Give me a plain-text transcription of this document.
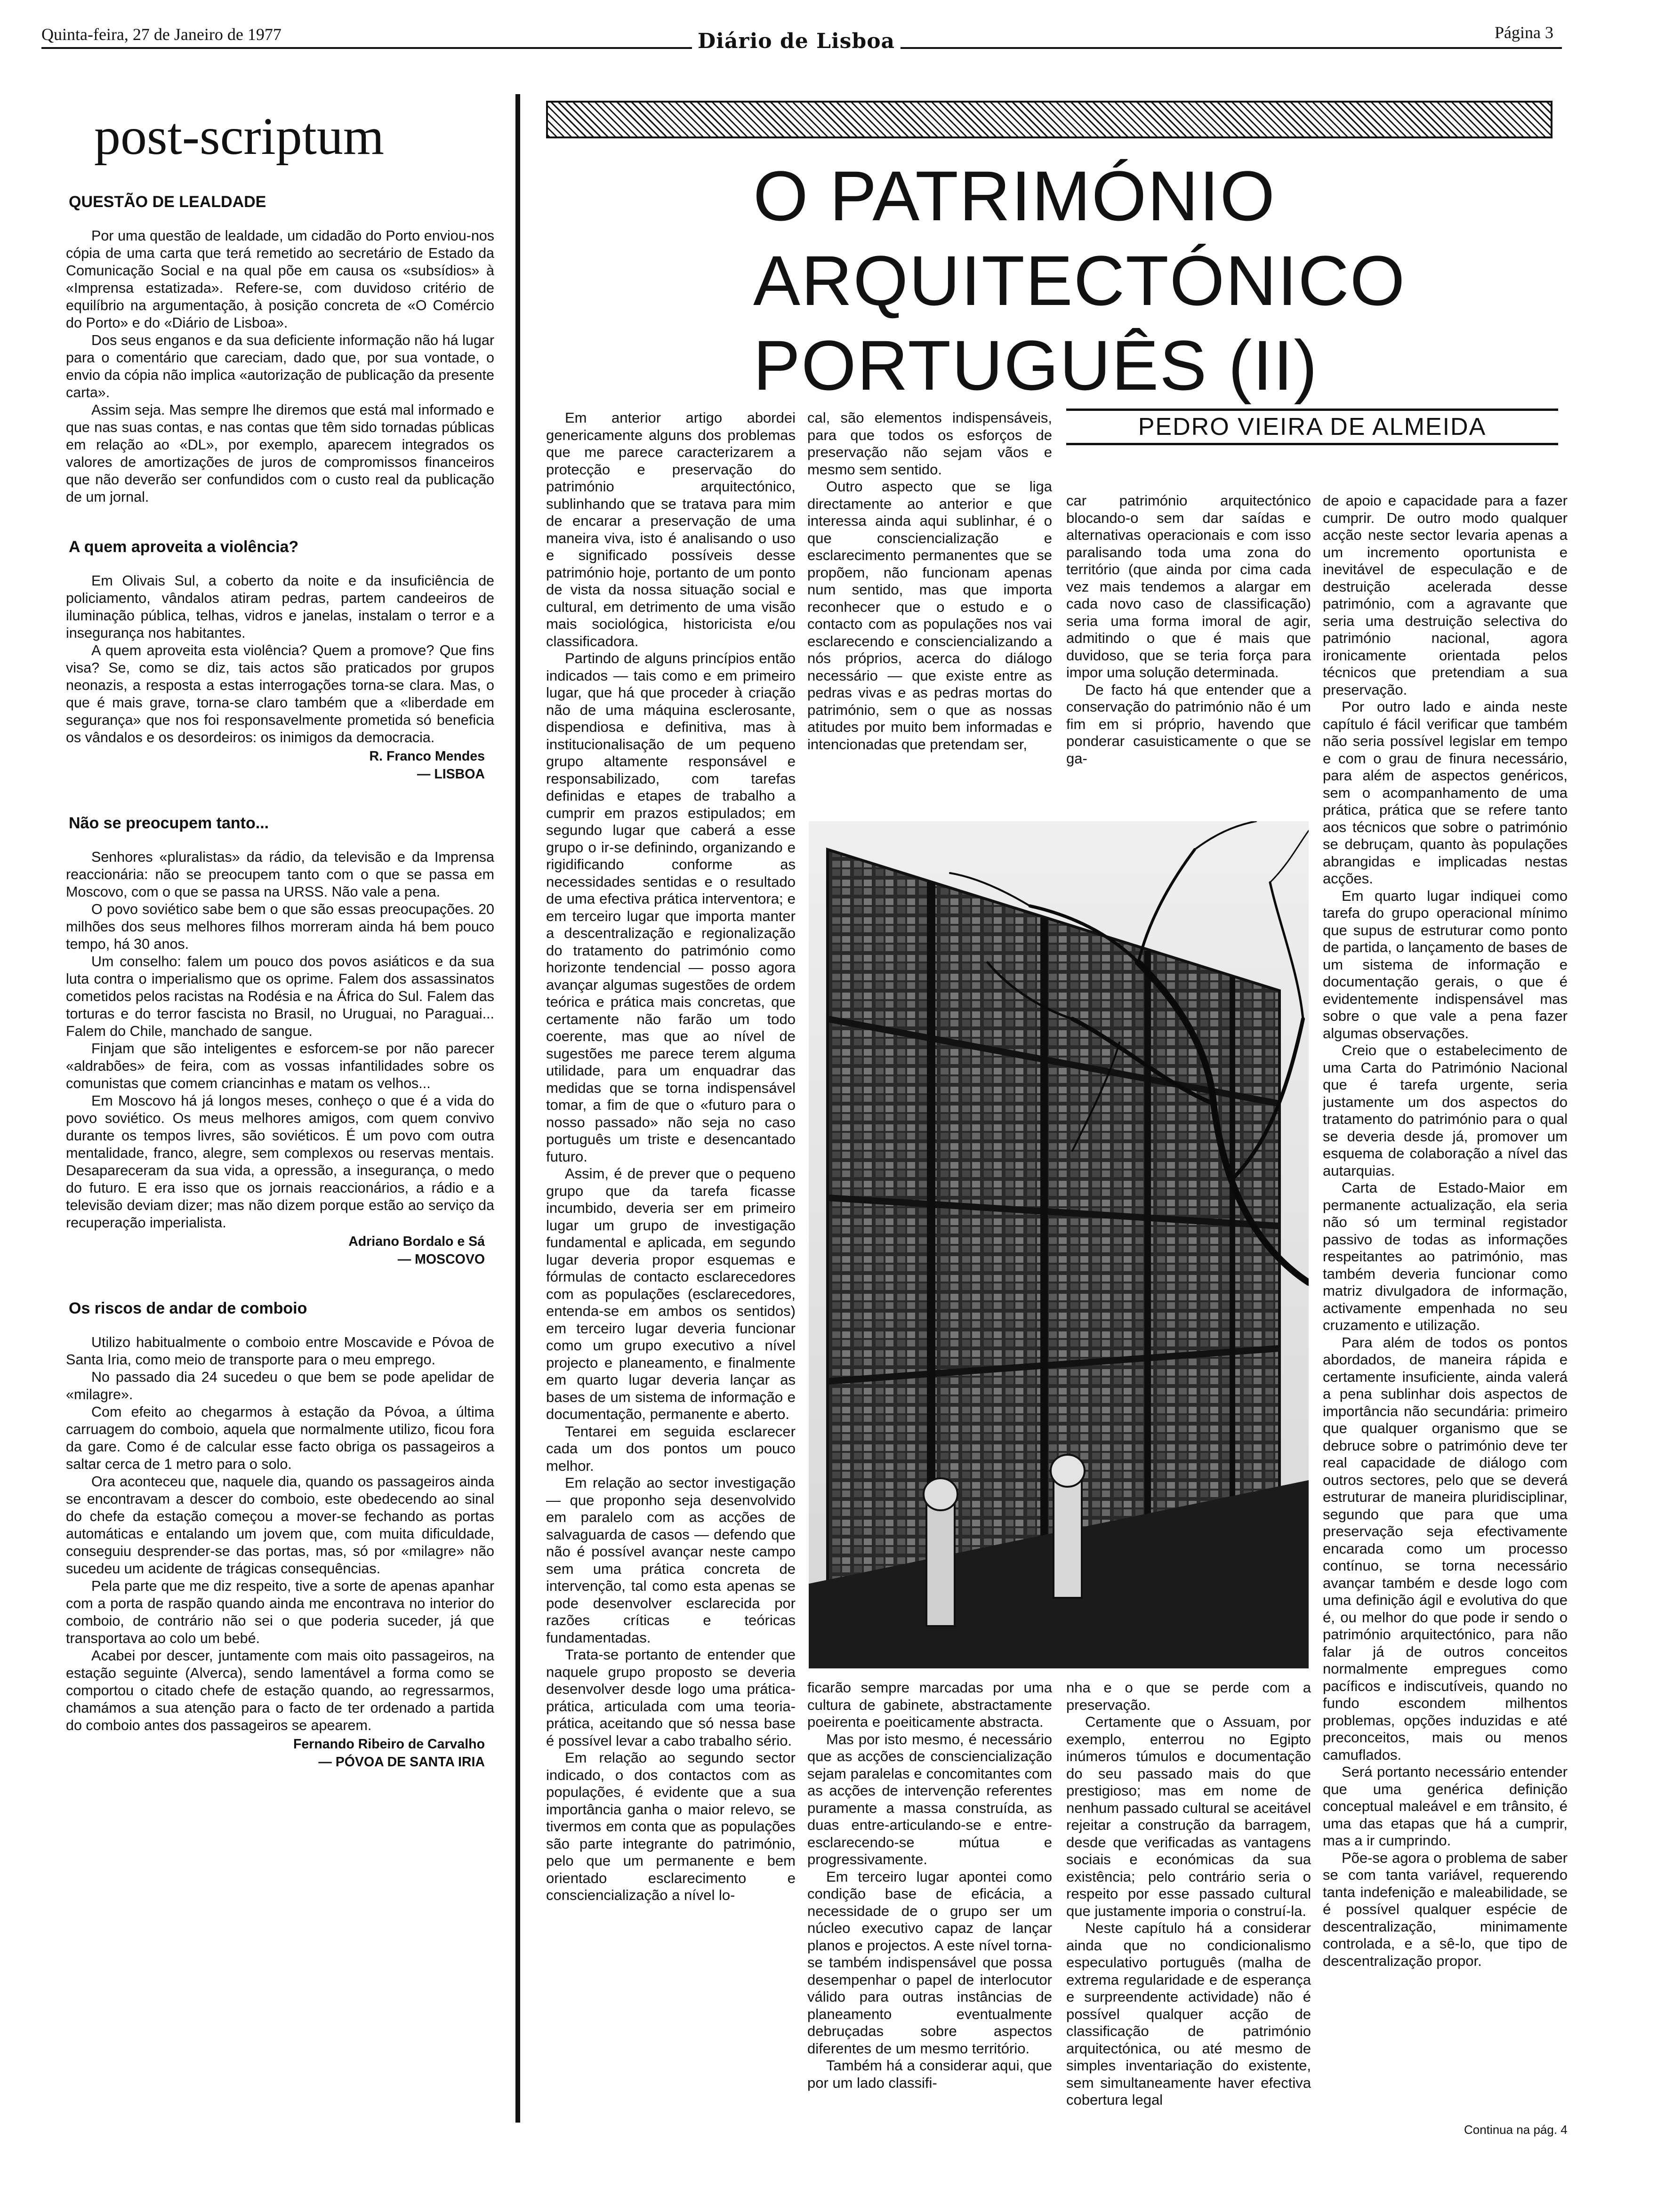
Quinta-feira, 27 de Janeiro de 1977	Diário de Lisboa	Página 3
post-scriptum
QUESTÃO DE LEALDADE

Por uma questão de lealdade, um cidadão do Porto enviou-nos cópia de uma carta que terá remetido ao secretário de Estado da Comunicação Social e na qual põe em causa os «subsídios» à «Imprensa estatizada». Refere-se, com duvidoso critério de equilíbrio na argumentação, à posição concreta de «O Comércio do Porto» e do «Diário de Lisboa».

Dos seus enganos e da sua deficiente informação não há lugar para o comentário que careciam, dado que, por sua vontade, o envio da cópia não implica «autorização de publicação da presente carta».

Assim seja. Mas sempre lhe diremos que está mal informado e que nas suas contas, e nas contas que têm sido tornadas públicas em relação ao «DL», por exemplo, aparecem integrados os valores de amortizações de juros de compromissos financeiros que não deverão ser confundidos com o custo real da publicação de um jornal.

A quem aproveita a violência?

Em Olivais Sul, a coberto da noite e da insuficiência de policiamento, vândalos atiram pedras, partem candeeiros de iluminação pública, telhas, vidros e janelas, instalam o terror e a insegurança nos habitantes.

A quem aproveita esta violência? Quem a promove? Que fins visa? Se, como se diz, tais actos são praticados por grupos neonazis, a resposta a estas interrogações torna-se clara. Mas, o que é mais grave, torna-se claro também que a «liberdade em segurança» que nos foi responsavelmente prometida só beneficia os vândalos e os desordeiros: os inimigos da democracia.

R. Franco Mendes
— LISBOA
Não se preocupem tanto...

Senhores «pluralistas» da rádio, da televisão e da Imprensa reaccionária: não se preocupem tanto com o que se passa em Moscovo, com o que se passa na URSS. Não vale a pena.

O povo soviético sabe bem o que são essas preocupações. 20 milhões dos seus melhores filhos morreram ainda há bem pouco tempo, há 30 anos.

Um conselho: falem um pouco dos povos asiáticos e da sua luta contra o imperialismo que os oprime. Falem dos assassinatos cometidos pelos racistas na Rodésia e na África do Sul. Falem das torturas e do terror fascista no Brasil, no Uruguai, no Paraguai... Falem do Chile, manchado de sangue.

Finjam que são inteligentes e esforcem-se por não parecer «aldrabões» de feira, com as vossas infantilidades sobre os comunistas que comem criancinhas e matam os velhos...

Em Moscovo há já longos meses, conheço o que é a vida do povo soviético. Os meus melhores amigos, com quem convivo durante os tempos livres, são soviéticos. É um povo com outra mentalidade, franco, alegre, sem complexos ou reservas mentais. Desapareceram da sua vida, a opressão, a insegurança, o medo do futuro. E era isso que os jornais reaccionários, a rádio e a televisão deviam dizer; mas não dizem porque estão ao serviço da recuperação imperialista.

Adriano Bordalo e Sá
— MOSCOVO
Os riscos de andar de comboio

Utilizo habitualmente o comboio entre Moscavide e Póvoa de Santa Iria, como meio de transporte para o meu emprego.

No passado dia 24 sucedeu o que bem se pode apelidar de «milagre».

Com efeito ao chegarmos à estação da Póvoa, a última carruagem do comboio, aquela que normalmente utilizo, ficou fora da gare. Como é de calcular esse facto obriga os passageiros a saltar cerca de 1 metro para o solo.

Ora aconteceu que, naquele dia, quando os passageiros ainda se encontravam a descer do comboio, este obedecendo ao sinal do chefe da estação começou a mover-se fechando as portas automáticas e entalando um jovem que, com muita dificuldade, conseguiu desprender-se das portas, mas, só por «milagre» não sucedeu um acidente de trágicas consequências.

Pela parte que me diz respeito, tive a sorte de apenas apanhar com a porta de raspão quando ainda me encontrava no interior do comboio, de contrário não sei o que poderia suceder, já que transportava ao colo um bebé.

Acabei por descer, juntamente com mais oito passageiros, na estação seguinte (Alverca), sendo lamentável a forma como se comportou o citado chefe de estação quando, ao regressarmos, chamámos a sua atenção para o facto de ter ordenado a partida do comboio antes dos passageiros se apearem.

Fernando Ribeiro de Carvalho
— PÓVOA DE SANTA IRIA
O PATRIMÓNIO
ARQUITECTÓNICO
PORTUGUÊS (II)
PEDRO VIEIRA DE ALMEIDA

Em anterior artigo abordei genericamente alguns dos problemas que me parece caracterizarem a protecção e preservação do património arquitectónico, sublinhando que se tratava para mim de encarar a preservação de uma maneira viva, isto é analisando o uso e significado possíveis desse património hoje, portanto de um ponto de vista da nossa situação social e cultural, em detrimento de uma visão mais sociológica, historicista e/ou classificadora.

Partindo de alguns princípios então indicados — tais como e em primeiro lugar, que há que proceder à criação não de uma máquina esclerosante, dispendiosa e definitiva, mas à institucionalisação de um pequeno grupo altamente responsável e responsabilizado, com tarefas definidas e etapes de trabalho a cumprir em prazos estipulados; em segundo lugar que caberá a esse grupo o ir-se definindo, organizando e rigidificando conforme as necessidades sentidas e o resultado de uma efectiva prática interventora; e em terceiro lugar que importa manter a descentralização e regionalização do tratamento do património como horizonte tendencial — posso agora avançar algumas sugestões de ordem teórica e prática mais concretas, que certamente não farão um todo coerente, mas que ao nível de sugestões me parece terem alguma utilidade, para um enquadrar das medidas que se torna indispensável tomar, a fim de que o «futuro para o nosso passado» não seja no caso português um triste e desencantado futuro.

Assim, é de prever que o pequeno grupo que da tarefa ficasse incumbido, deveria ser em primeiro lugar um grupo de investigação fundamental e aplicada, em segundo lugar deveria propor esquemas e fórmulas de contacto esclarecedores com as populações (esclarecedores, entenda-se em ambos os sentidos) em terceiro lugar deveria funcionar como um grupo executivo a nível projecto e planeamento, e finalmente em quarto lugar deveria lançar as bases de um sistema de informação e documentação, permanente e aberto.

Tentarei em seguida esclarecer cada um dos pontos um pouco melhor.

Em relação ao sector investigação — que proponho seja desenvolvido em paralelo com as acções de salvaguarda de casos — defendo que não é possível avançar neste campo sem uma prática concreta de intervenção, tal como esta apenas se pode desenvolver esclarecida por razões críticas e teóricas fundamentadas.

Trata-se portanto de entender que naquele grupo proposto se deveria desenvolver desde logo uma prática-prática, articulada com uma teoria-prática, aceitando que só nessa base é possível levar a cabo trabalho sério.

Em relação ao segundo sector indicado, o dos contactos com as populações, é evidente que a sua importância ganha o maior relevo, se tivermos em conta que as populações são parte integrante do património, pelo que um permanente e bem orientado esclarecimento e consciencialização a nível lo-

cal, são elementos indispensáveis, para que todos os esforços de preservação não sejam vãos e mesmo sem sentido.

Outro aspecto que se liga directamente ao anterior e que interessa ainda aqui sublinhar, é o que consciencialização e esclarecimento permanentes que se propõem, não funcionam apenas num sentido, mas que importa reconhecer que o estudo e o contacto com as populações nos vai esclarecendo e consciencializando a nós próprios, acerca do diálogo necessário — que existe entre as pedras vivas e as pedras mortas do património, sem o que as nossas atitudes por muito bem informadas e intencionadas que pretendam ser,

car património arquitectónico blocando-o sem dar saídas e alternativas operacionais e com isso paralisando toda uma zona do território (que ainda por cima cada vez mais tendemos a alargar em cada novo caso de classificação) seria uma forma imoral de agir, admitindo o que é mais que duvidoso, que se teria força para impor uma solução determinada.

De facto há que entender que a conservação do património não é um fim em si próprio, havendo que ponderar casuisticamente o que se ga-

de apoio e capacidade para a fazer cumprir. De outro modo qualquer acção neste sector levaria apenas a um incremento oportunista e inevitável de especulação e de destruição acelerada desse património, com a agravante que seria uma destruição selectiva do património nacional, agora ironicamente orientada pelos técnicos que pretendiam a sua preservação.

Por outro lado e ainda neste capítulo é fácil verificar que também não seria possível legislar em tempo e com o grau de finura necessário, para além de aspectos genéricos, sem o acompanhamento de uma prática, prática que se refere tanto aos técnicos que sobre o património se debruçam, quanto às populações abrangidas e implicadas nestas acções.

Em quarto lugar indiquei como tarefa do grupo operacional mínimo que supus de estruturar como ponto de partida, o lançamento de bases de um sistema de informação e documentação gerais, o que é evidentemente indispensável mas sobre o que vale a pena fazer algumas observações.

Creio que o estabelecimento de uma Carta do Património Nacional que é tarefa urgente, seria justamente um dos aspectos do tratamento do património para o qual se deveria desde já, promover um esquema de colaboração a nível das autarquias.

Carta de Estado-Maior em permanente actualização, ela seria não só um terminal registador passivo de todas as informações respeitantes ao património, mas também deveria funcionar como matriz divulgadora de informação, activamente empenhada no seu cruzamento e utilização.

Para além de todos os pontos abordados, de maneira rápida e certamente insuficiente, ainda valerá a pena sublinhar dois aspectos de importância não secundária: primeiro que qualquer organismo que se debruce sobre o património deve ter real capacidade de diálogo com outros sectores, pelo que se deverá estruturar de maneira pluridisciplinar, segundo que para que uma preservação seja efectivamente encarada como um processo contínuo, se torna necessário avançar também e desde logo com uma definição ágil e evolutiva do que é, ou melhor do que pode ir sendo o património arquitectónico, para não falar já de outros conceitos normalmente empregues como pacíficos e indiscutíveis, quando no fundo escondem milhentos problemas, opções induzidas e até preconceitos, mais ou menos camuflados.

Será portanto necessário entender que uma genérica definição conceptual maleável e em trânsito, é uma das etapas que há a cumprir, mas a ir cumprindo.

Põe-se agora o problema de saber se com tanta variável, requerendo tanta indefenição e maleabilidade, se é possível qualquer espécie de descentralização, minimamente controlada, e a sê-lo, que tipo de descentralização propor.

ficarão sempre marcadas por uma cultura de gabinete, abstractamente poeirenta e poeiticamente abstracta.

Mas por isto mesmo, é necessário que as acções de consciencialização sejam paralelas e concomitantes com as acções de intervenção referentes puramente a massa construída, as duas entre-articulando-se e entre-esclarecendo-se mútua e progressivamente.

Em terceiro lugar apontei como condição base de eficácia, a necessidade de o grupo ser um núcleo executivo capaz de lançar planos e projectos. A este nível torna-se também indispensável que possa desempenhar o papel de interlocutor válido para outras instâncias de planeamento eventualmente debruçadas sobre aspectos diferentes de um mesmo território.

Também há a considerar aqui, que por um lado classifi-

nha e o que se perde com a preservação.

Certamente que o Assuam, por exemplo, enterrou no Egipto inúmeros túmulos e documentação do seu passado mais do que prestigioso; mas em nome de nenhum passado cultural se aceitável rejeitar a construção da barragem, desde que verificadas as vantagens sociais e económicas da sua existência; pelo contrário seria o respeito por esse passado cultural que justamente imporia o construí-la.

Neste capítulo há a considerar ainda que no condicionalismo especulativo português (malha de extrema regularidade e de esperança e surpreendente actividade) não é possível qualquer acção de classificação de património arquitectónica, ou até mesmo de simples inventariação do existente, sem simultaneamente haver efectiva cobertura legal

Continua na pág. 4
